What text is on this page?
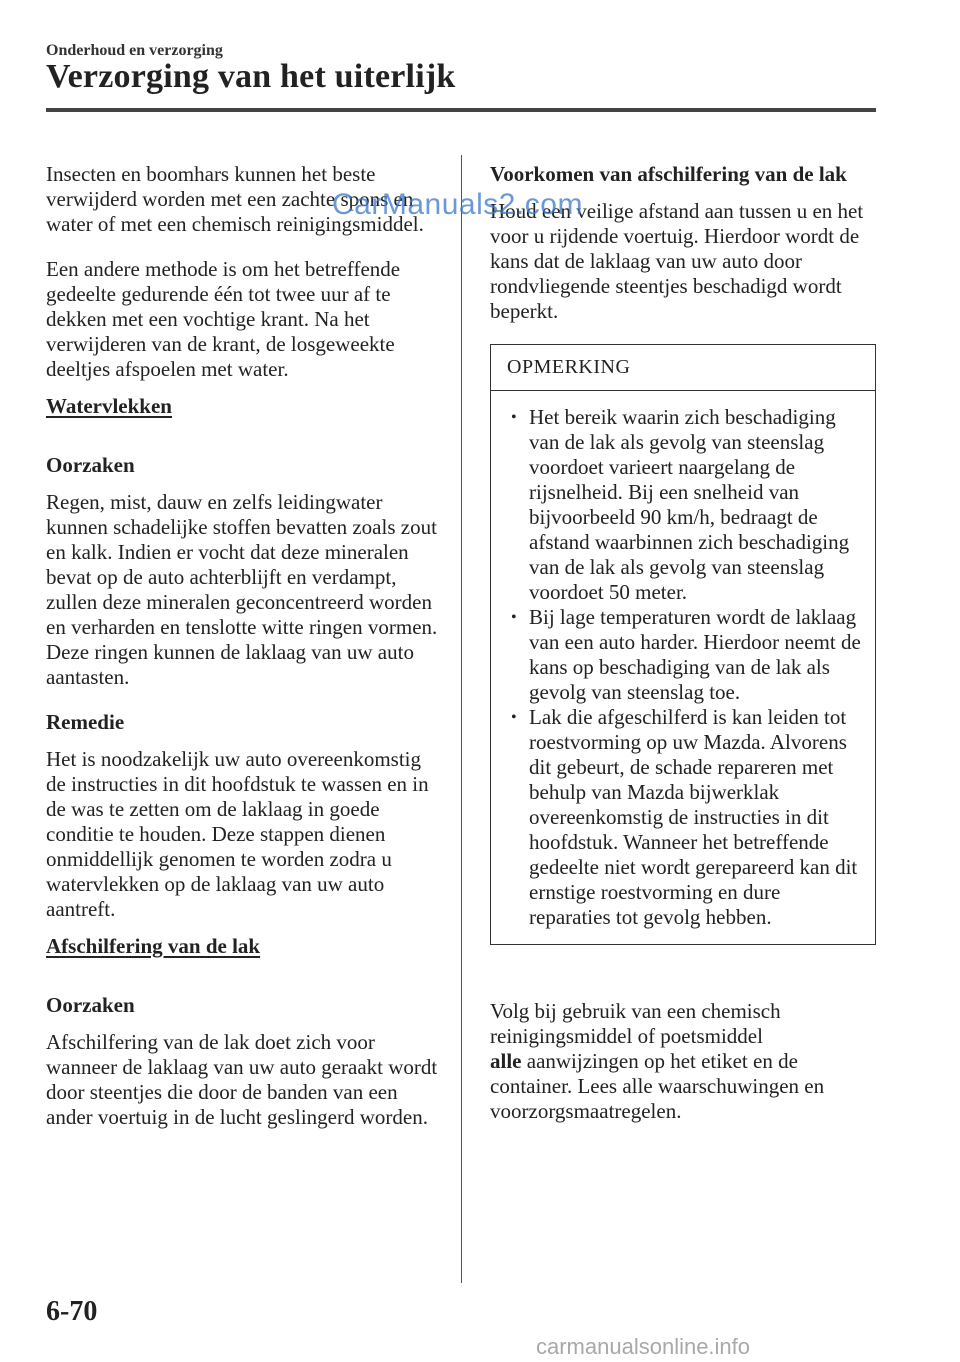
Onderhoud en verzorging
Verzorging van het uiterlijk

Insecten en boomhars kunnen het beste verwijderd worden met een zachte spons en water of met een chemisch reinigingsmiddel.

Een andere methode is om het betreffende gedeelte gedurende één tot twee uur af te dekken met een vochtige krant. Na het verwijderen van de krant, de losgeweekte deeltjes afspoelen met water.

Watervlekken
Oorzaken

Regen, mist, dauw en zelfs leidingwater kunnen schadelijke stoffen bevatten zoals zout en kalk. Indien er vocht dat deze mineralen bevat op de auto achterblijft en verdampt, zullen deze mineralen geconcentreerd worden en verharden en tenslotte witte ringen vormen. Deze ringen kunnen de laklaag van uw auto aantasten.

Remedie

Het is noodzakelijk uw auto overeenkomstig de instructies in dit hoofdstuk te wassen en in de was te zetten om de laklaag in goede conditie te houden. Deze stappen dienen onmiddellijk genomen te worden zodra u watervlekken op de laklaag van uw auto aantreft.

Afschilfering van de lak
Oorzaken

Afschilfering van de lak doet zich voor wanneer de laklaag van uw auto geraakt wordt door steentjes die door de banden van een ander voertuig in de lucht geslingerd worden.

Voorkomen van afschilfering van de lak

Houd een veilige afstand aan tussen u en het voor u rijdende voertuig. Hierdoor wordt de kans dat de laklaag van uw auto door rondvliegende steentjes beschadigd wordt beperkt.

OPMERKING
• Het bereik waarin zich beschadiging van de lak als gevolg van steenslag voordoet varieert naargelang de rijsnelheid. Bij een snelheid van bijvoorbeeld 90 km/h, bedraagt de afstand waarbinnen zich beschadiging van de lak als gevolg van steenslag voordoet 50 meter.
• Bij lage temperaturen wordt de laklaag van een auto harder. Hierdoor neemt de kans op beschadiging van de lak als gevolg van steenslag toe.
• Lak die afgeschilferd is kan leiden tot roestvorming op uw Mazda. Alvorens dit gebeurt, de schade repareren met behulp van Mazda bijwerklak overeenkomstig de instructies in dit hoofdstuk. Wanneer het betreffende gedeelte niet wordt gerepareerd kan dit ernstige roestvorming en dure reparaties tot gevolg hebben.

Volg bij gebruik van een chemisch reinigingsmiddel of poetsmiddel
alle aanwijzingen op het etiket en de container. Lees alle waarschuwingen en voorzorgsmaatregelen.

CarManuals2.com
6-70
carmanualsonline.info
